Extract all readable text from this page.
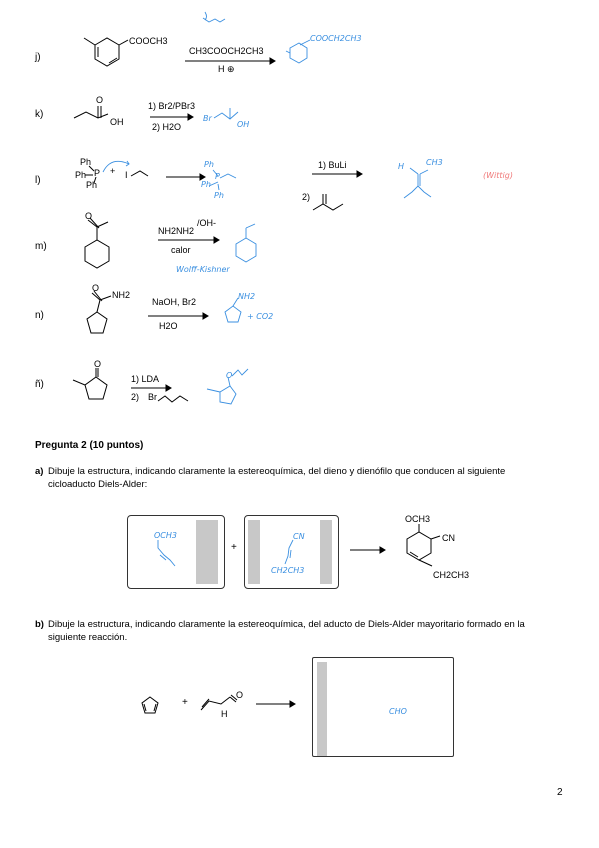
j)
COOCH3
CH3COOCH2CH3
H ⊕
COOCH2CH3
k)
O
OH
1) Br2/PBr3
2) H2O
Br
OH
l)
Ph
Ph
Ph
P + I
1) BuLi
2)
Ph
Ph
Ph
P
H	CH3
(Wittig)
m)
O
NH2NH2
/OH-
calor
Wolff-Kishner
n)
O
NH2
NaOH, Br2
H2O
NH2
+ CO2
ñ)
O
1) LDA
2) Br
O
Pregunta 2 (10 puntos)
a) Dibuje la estructura, indicando claramente la estereoquímica, del dieno y dienófilo que conducen al siguiente
cicloaducto Diels-Alder:
OCH3
+
CN
CH2CH3
OCH3
CN
CH2CH3
b) Dibuje la estructura, indicando claramente la estereoquímica, del aducto de Diels-Alder mayoritario formado en la
siguiente reacción.
+
O
H	CHO
2
